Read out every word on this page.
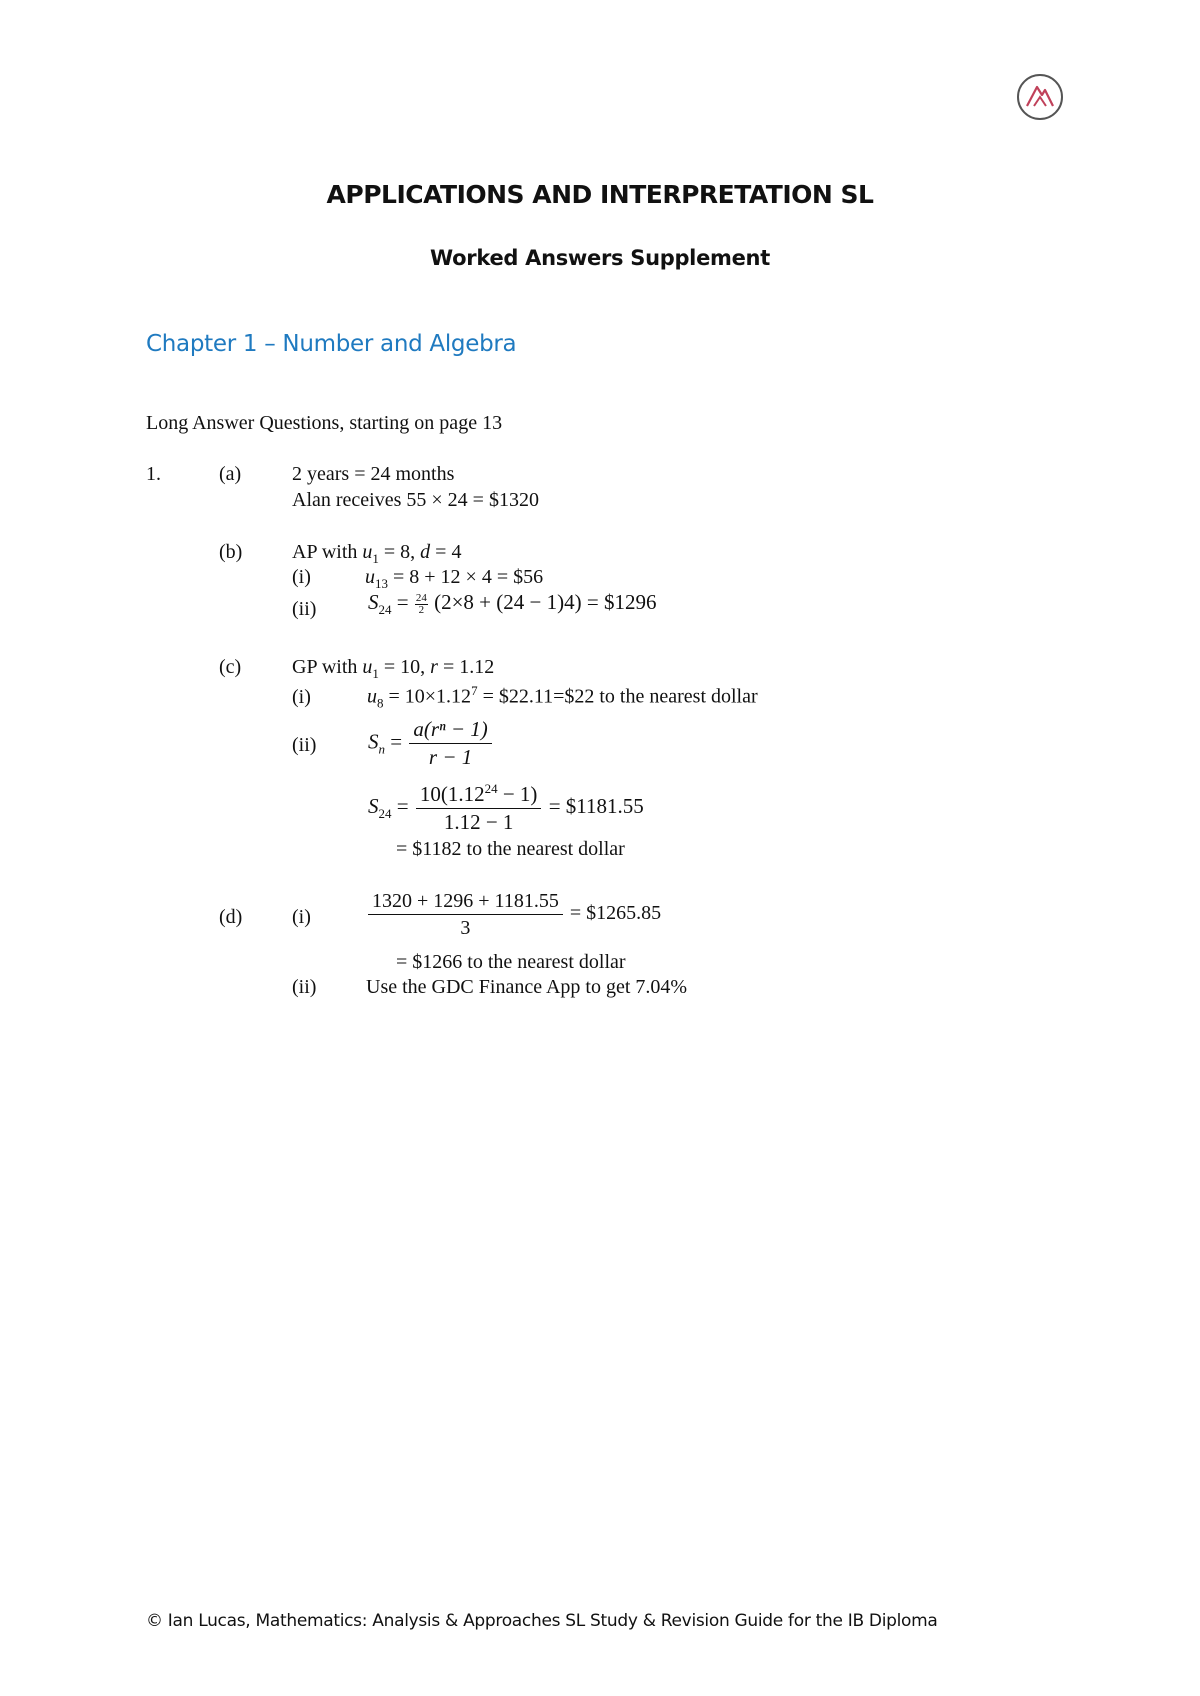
APPLICATIONS AND INTERPRETATION SL
Worked Answers Supplement
Chapter 1 – Number and Algebra
Long Answer Questions, starting on page 13
1.	(a)	2 years = 24 months
Alan receives 55 × 24 = $1320
(b) AP with $u_1 = 8$, d = 4
(i)	$u_{13} = 8 + 12 \times 4$ = $56
(ii) $S_{24} = \frac{24}{2} (2\times 8 + (24 - 1)4)$ = $1296
(c)	GP with $u_1 = 10$, r = 1.12
(i)	$u_8 = 10\times 1.12^7$ = $22.11=$22 to the nearest dollar
(ii) $S_n = \frac{\text{a(rⁿ − 1)}}{r - 1}$
$S_{24} = \frac{10(1.12^{24} - 1)}{1.12 - 1}$ = $1181.55
= $1182 to the nearest dollar
(d) (i)	$\frac{1320 + 1296 + 1181.55}{3}$ = $1265.85
= $1266 to the nearest dollar
(ii) Use the GDC Finance App to get 7.04%
© Ian Lucas, Mathematics: Analysis & Approaches SL Study & Revision Guide for the IB Diploma
